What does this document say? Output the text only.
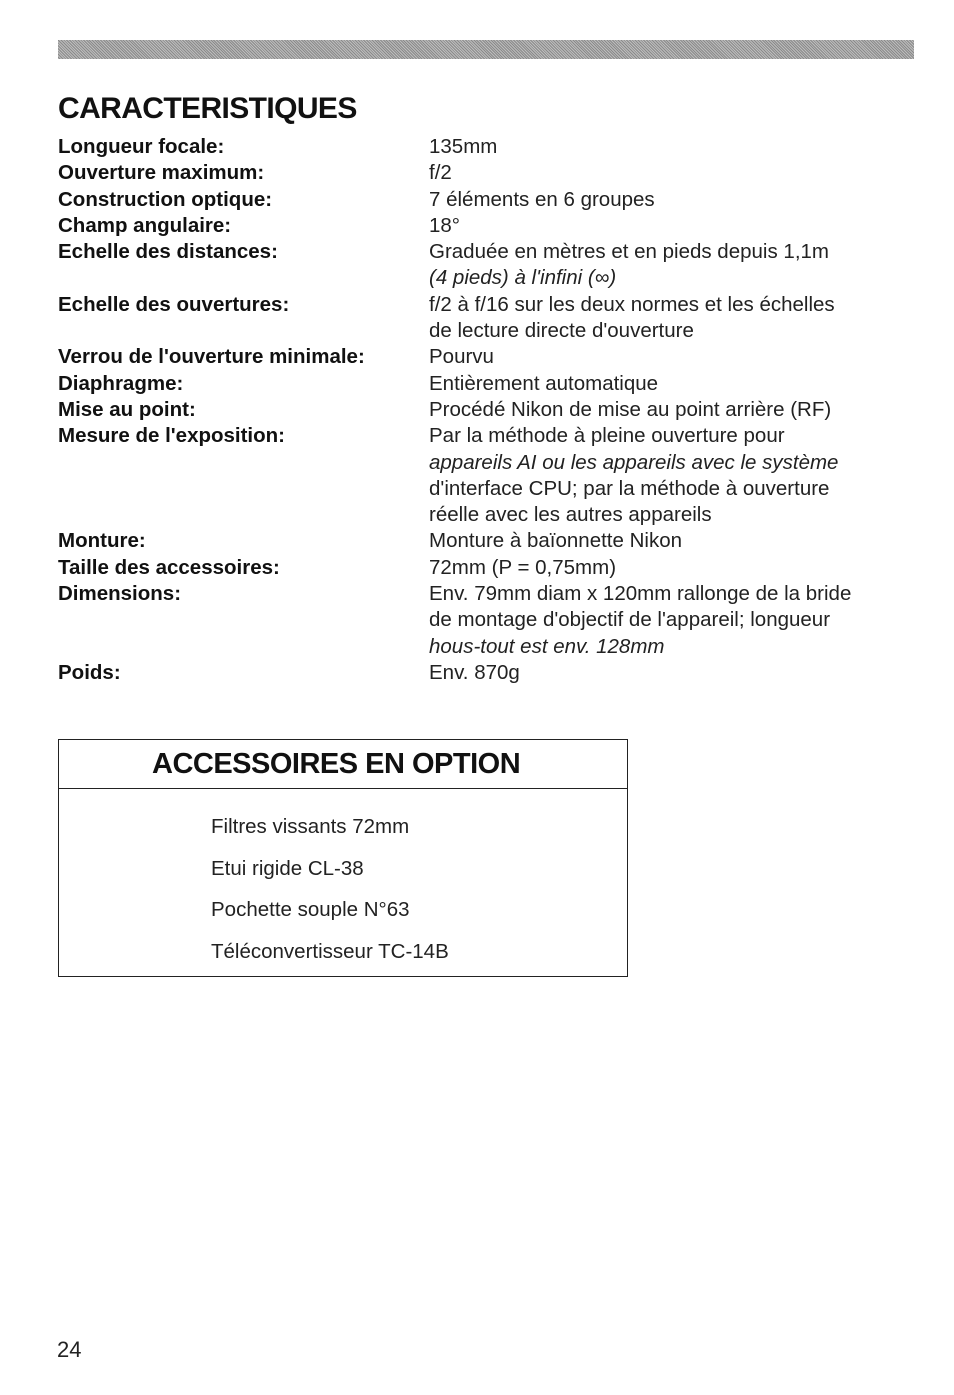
CARACTERISTIQUES
Longueur focale:	135mm
Ouverture maximum:	f/2
Construction optique:	7 éléments en 6 groupes
Champ angulaire:	18°
Echelle des distances:	Graduée en mètres et en pieds depuis 1,1m
(4 pieds) à l'infini (∞)
Echelle des ouvertures:	f/2 à f/16 sur les deux normes et les échelles
de lecture directe d'ouverture
Verrou de l'ouverture minimale:	Pourvu
Diaphragme:	Entièrement automatique
Mise au point:	Procédé Nikon de mise au point arrière (RF)
Mesure de l'exposition:	Par la méthode à pleine ouverture pour
appareils AI ou les appareils avec le système
d'interface CPU; par la méthode à ouverture
réelle avec les autres appareils
Monture:	Monture à baïonnette Nikon
Taille des accessoires:	72mm (P = 0,75mm)
Dimensions:	Env. 79mm diam x 120mm rallonge de la bride
de montage d'objectif de l'appareil; longueur
hous-tout est env. 128mm
Poids:	Env. 870g
ACCESSOIRES EN OPTION
Filtres vissants 72mm
Etui rigide CL-38
Pochette souple N°63
Téléconvertisseur TC-14B
24
